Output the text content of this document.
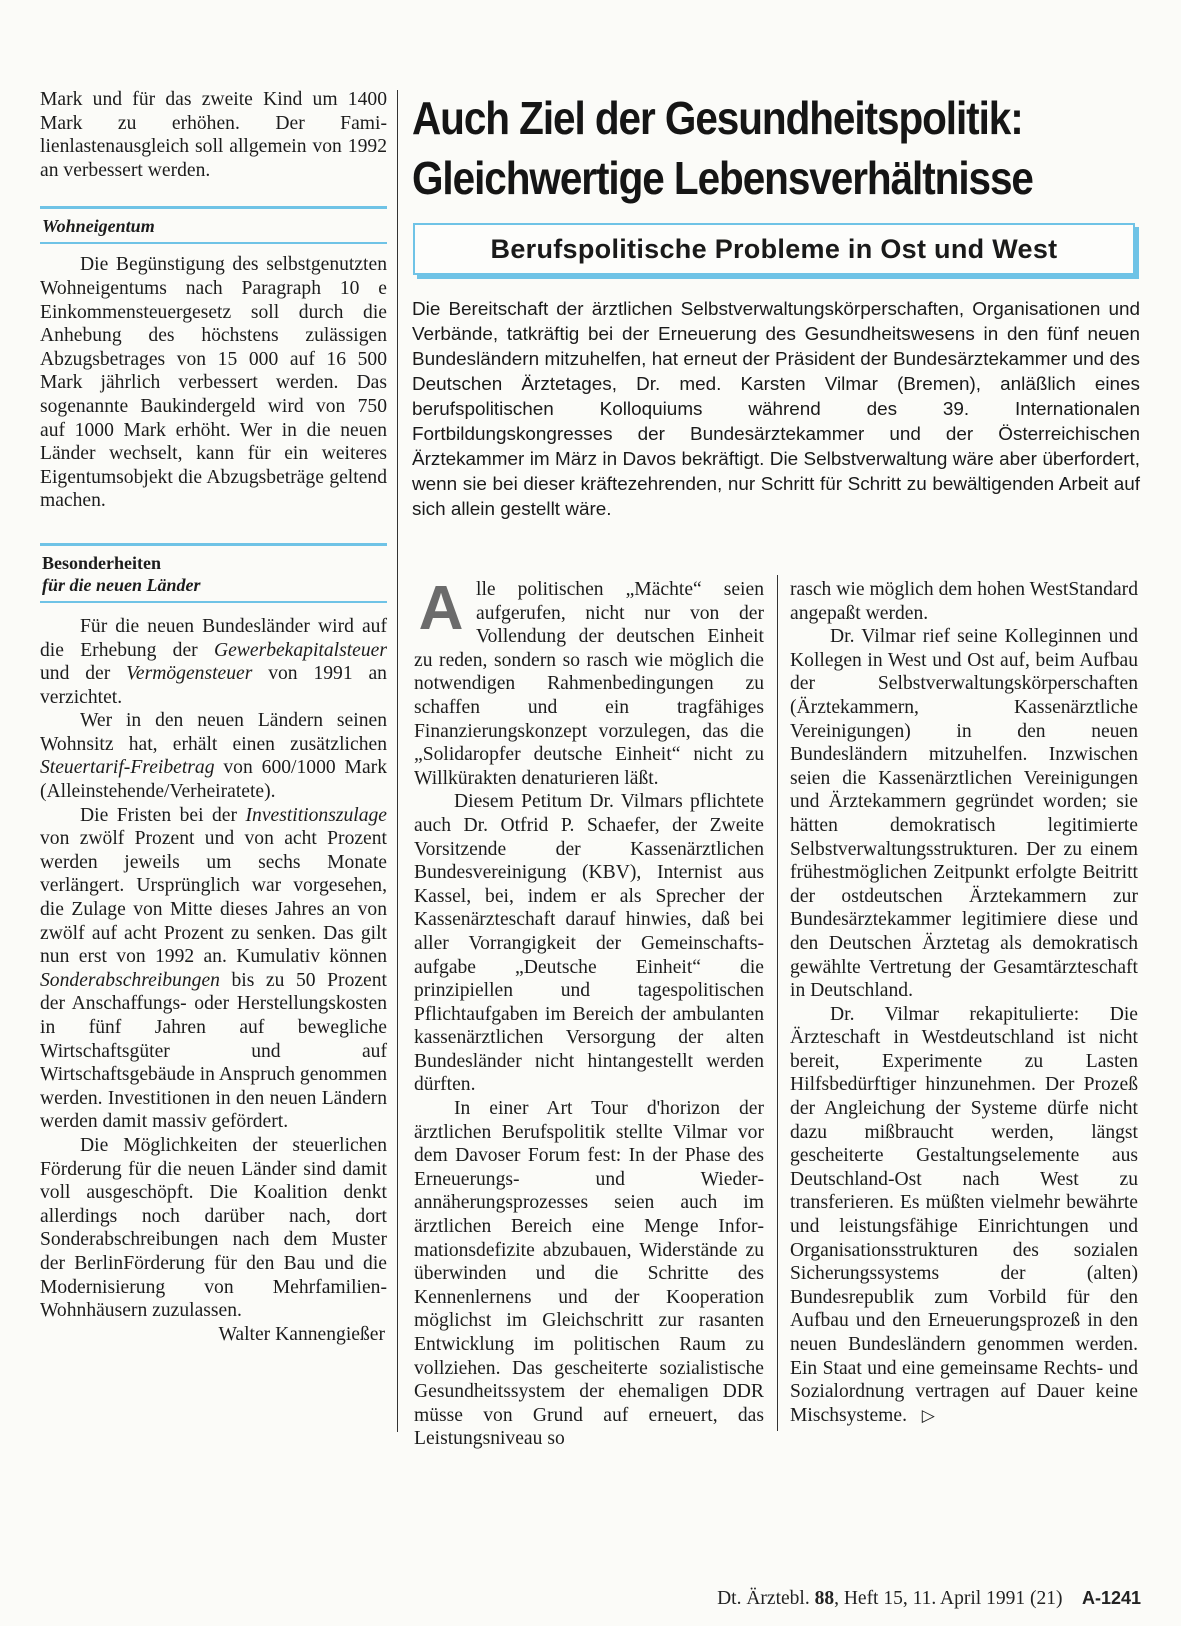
Mark und für das zweite Kind um 1400 Mark zu erhöhen. Der Familienlastenausgleich soll allgemein von 1992 an verbessert werden.

Wohneigentum

Die Begünstigung des selbstgenutzten Wohneigentums nach Paragraph 10 e Einkommensteuergesetz soll durch die Anhebung des höchstens zulässigen Abzugsbetrages von 15 000 auf 16 500 Mark jährlich verbessert werden. Das sogenannte Baukindergeld wird von 750 auf 1000 Mark erhöht. Wer in die neuen Länder wechselt, kann für ein weiteres Eigentumsobjekt die Abzugsbeträge geltend machen.

Besonderheiten
für die neuen Länder

Für die neuen Bundesländer wird auf die Erhebung der Gewerbekapitalsteuer und der Vermögensteuer von 1991 an verzichtet.

Wer in den neuen Ländern seinen Wohnsitz hat, erhält einen zusätzlichen Steuertarif-Freibetrag von 600/1000 Mark (Alleinstehende/Verheiratete).

Die Fristen bei der Investitionszulage von zwölf Prozent und von acht Prozent werden jeweils um sechs Monate verlängert. Ursprünglich war vorgesehen, die Zulage von Mitte dieses Jahres an von zwölf auf acht Prozent zu senken. Das gilt nun erst von 1992 an. Kumulativ können Sonderabschreibungen bis zu 50 Prozent der Anschaffungs- oder Herstellungskosten in fünf Jahren auf bewegliche Wirtschaftsgüter und auf Wirtschaftsgebäude in Anspruch genommen werden. Investitionen in den neuen Ländern werden damit massiv gefördert.

Die Möglichkeiten der steuerlichen Förderung für die neuen Länder sind damit voll ausgeschöpft. Die Koalition denkt allerdings noch darüber nach, dort Sonderabschreibungen nach dem Muster der BerlinFörderung für den Bau und die Modernisierung von MehrfamilienWohnhäusern zuzulassen.

Walter Kannengießer

Auch Ziel der Gesundheitspolitik:
Gleichwertige Lebensverhältnisse
Berufspolitische Probleme in Ost und West
Die Bereitschaft der ärztlichen Selbstverwaltungskörperschaften, Organisationen und Verbände, tatkräftig bei der Erneuerung des Gesundheitswesens in den fünf neuen Bundesländern mitzuhelfen, hat erneut der Präsident der Bundesärztekammer und des Deutschen Ärztetages, Dr. med. Karsten Vilmar (Bremen), anläßlich eines berufspolitischen Kolloquiums während des 39. Internationalen Fortbildungskongresses der Bundesärztekammer und der Österreichischen Ärztekammer im März in Davos bekräftigt. Die Selbstverwaltung wäre aber überfordert, wenn sie bei dieser kräftezehrenden, nur Schritt für Schritt zu bewältigenden Arbeit auf sich allein gestellt wäre.

A lle politischen „Mächte“ seien aufgerufen, nicht nur von der Vollendung der deutschen Einheit zu reden, sondern so rasch wie möglich die notwendigen Rahmenbedingungen zu schaffen und ein tragfähiges Finanzierungskonzept vorzulegen, das die „Solidaropfer deutsche Einheit“ nicht zu Willkürakten denaturieren läßt.

Diesem Petitum Dr. Vilmars pflichtete auch Dr. Otfrid P. Schaefer, der Zweite Vorsitzende der Kassenärztlichen Bundesvereinigung (KBV), Internist aus Kassel, bei, indem er als Sprecher der Kassenärzteschaft darauf hinwies, daß bei aller Vorrangigkeit der Gemeinschaftsaufgabe „Deutsche Einheit“ die prinzipiellen und tagespolitischen Pflichtaufgaben im Bereich der ambulanten kassenärztlichen Versorgung der alten Bundesländer nicht hintangestellt werden dürften.

In einer Art Tour d'horizon der ärztlichen Berufspolitik stellte Vilmar vor dem Davoser Forum fest: In der Phase des Erneuerungs- und Wiederannäherungsprozesses seien auch im ärztlichen Bereich eine Menge Informationsdefizite abzubauen, Widerstände zu überwinden und die Schritte des Kennenlernens und der Kooperation möglichst im Gleichschritt zur rasanten Entwicklung im politischen Raum zu vollziehen. Das gescheiterte sozialistische Gesundheitssystem der ehemaligen DDR müsse von Grund auf erneuert, das Leistungsniveau so

rasch wie möglich dem hohen WestStandard angepaßt werden.

Dr. Vilmar rief seine Kolleginnen und Kollegen in West und Ost auf, beim Aufbau der Selbstverwaltungskörperschaften (Ärztekammern, Kassenärztliche Vereinigungen) in den neuen Bundesländern mitzuhelfen. Inzwischen seien die Kassenärztlichen Vereinigungen und Ärztekammern gegründet worden; sie hätten demokratisch legitimierte Selbstverwaltungsstrukturen. Der zu einem frühestmöglichen Zeitpunkt erfolgte Beitritt der ostdeutschen Ärztekammern zur Bundesärztekammer legitimiere diese und den Deutschen Ärztetag als demokratisch gewählte Vertretung der Gesamtärzteschaft in Deutschland.

Dr. Vilmar rekapitulierte: Die Ärzteschaft in Westdeutschland ist nicht bereit, Experimente zu Lasten Hilfsbedürftiger hinzunehmen. Der Prozeß der Angleichung der Systeme dürfe nicht dazu mißbraucht werden, längst gescheiterte Gestaltungselemente aus Deutschland-Ost nach West zu transferieren. Es müßten vielmehr bewährte und leistungsfähige Einrichtungen und Organisationsstrukturen des sozialen Sicherungssystems der (alten) Bundesrepublik zum Vorbild für den Aufbau und den Erneuerungsprozeß in den neuen Bundesländern genommen werden. Ein Staat und eine gemeinsame Rechts- und Sozialordnung vertragen auf Dauer keine Mischsysteme. ▷

Dt. Ärztebl. 88, Heft 15, 11. April 1991 (21) A-1241
